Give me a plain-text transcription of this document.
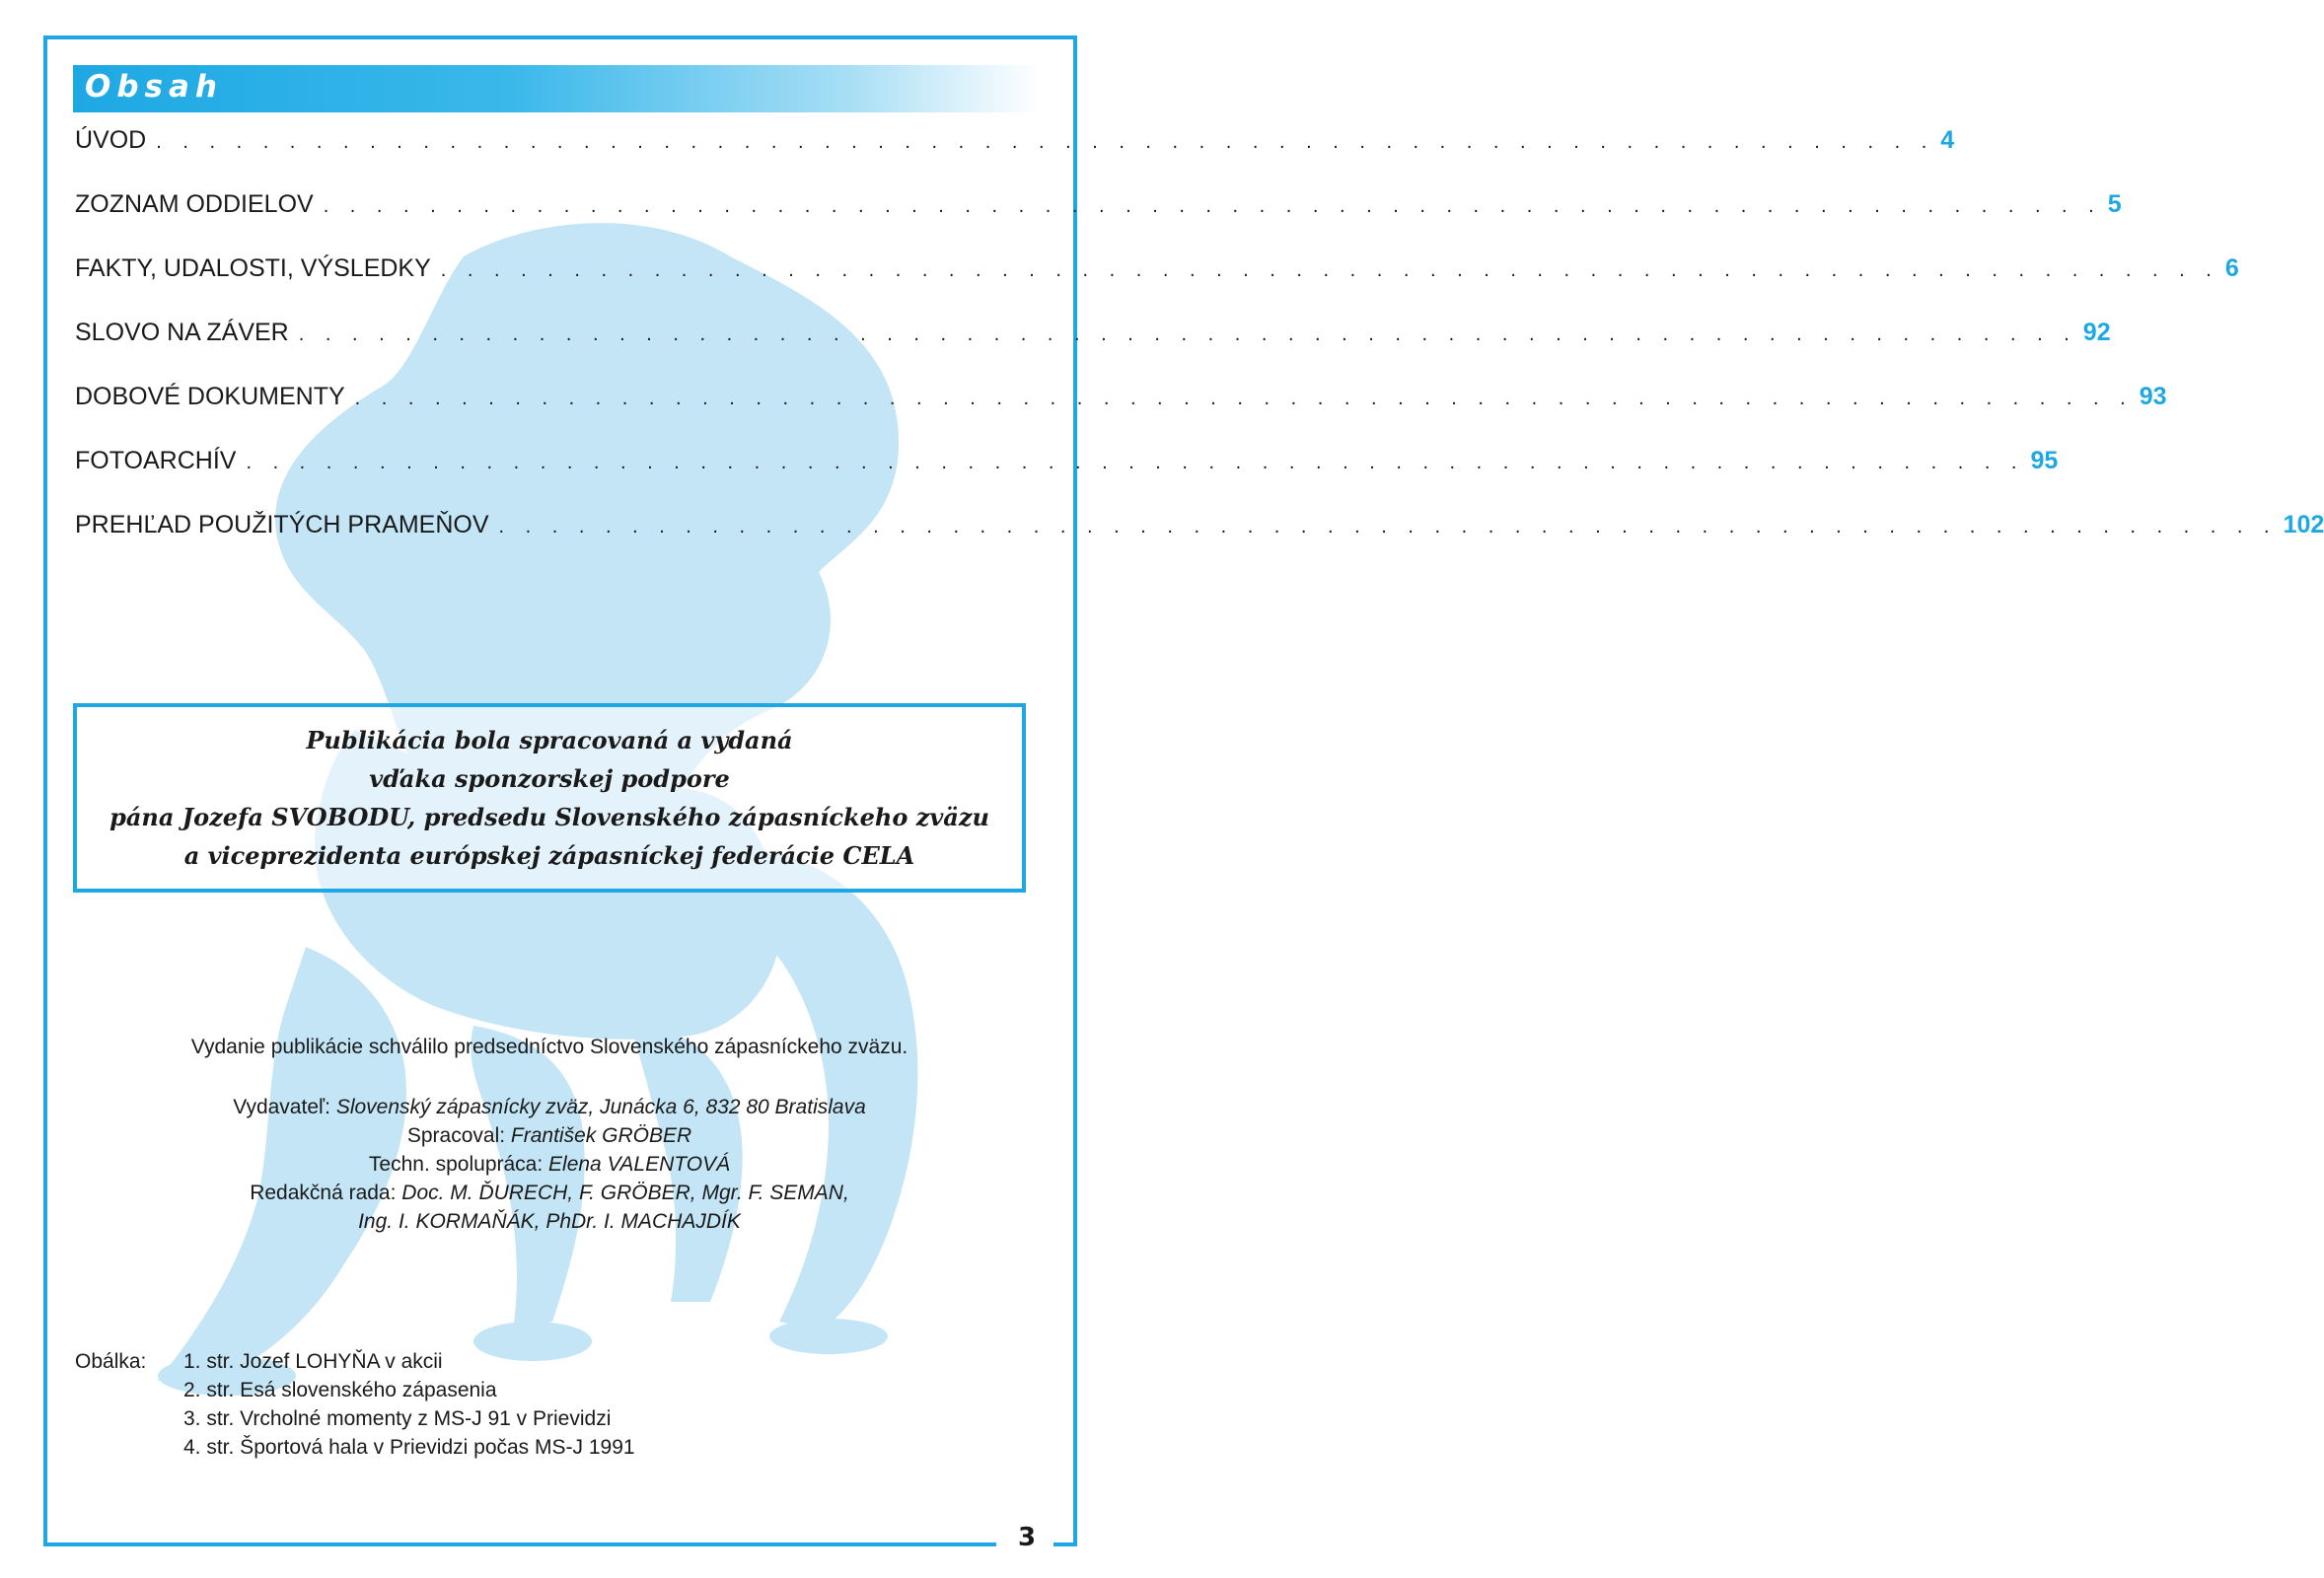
3
Obsah
ÚVOD . . . . . . . . . . . . . . . . . . . . . . . . . . . . . . . . . . . . . . . . . . . . . . . . . . . . . . . . . . . . . . . . . . . 4
ZOZNAM ODDIELOV . . . . . . . . . . . . . . . . . . . . . . . . . . . . . . . . . . . . . . . . . . . . . . . . . . . . . . . . . . . . . . . . . . . 5
FAKTY, UDALOSTI, VÝSLEDKY . . . . . . . . . . . . . . . . . . . . . . . . . . . . . . . . . . . . . . . . . . . . . . . . . . . . . . . . . . . . . . . . . . . 6
SLOVO NA ZÁVER . . . . . . . . . . . . . . . . . . . . . . . . . . . . . . . . . . . . . . . . . . . . . . . . . . . . . . . . . . . . . . . . . . . 92
DOBOVÉ DOKUMENTY . . . . . . . . . . . . . . . . . . . . . . . . . . . . . . . . . . . . . . . . . . . . . . . . . . . . . . . . . . . . . . . . . . . 93
FOTOARCHÍV . . . . . . . . . . . . . . . . . . . . . . . . . . . . . . . . . . . . . . . . . . . . . . . . . . . . . . . . . . . . . . . . . . . 95
PREHĽAD POUŽITÝCH PRAMEŇOV . . . . . . . . . . . . . . . . . . . . . . . . . . . . . . . . . . . . . . . . . . . . . . . . . . . . . . . . . . . . . . . . . . . 102
Publikácia bola spracovaná a vydaná
vďaka sponzorskej podpore
pána Jozefa SVOBODU, predsedu Slovenského zápasníckeho zväzu
a viceprezidenta európskej zápasníckej federácie CELA
Vydanie publikácie schválilo predsedníctvo Slovenského zápasníckeho zväzu.
Vydavateľ: Slovenský zápasnícky zväz, Junácka 6, 832 80 Bratislava
Spracoval: František GRÖBER
Techn. spolupráca: Elena VALENTOVÁ
Redakčná rada: Doc. M. ĎURECH, F. GRÖBER, Mgr. F. SEMAN,
Ing. I. KORMAŇÁK, PhDr. I. MACHAJDÍK
Obálka: 1. str. Jozef LOHYŇA v akcii
2. str. Esá slovenského zápasenia
3. str. Vrcholné momenty z MS-J 91 v Prievidzi
4. str. Športová hala v Prievidzi počas MS-J 1991
